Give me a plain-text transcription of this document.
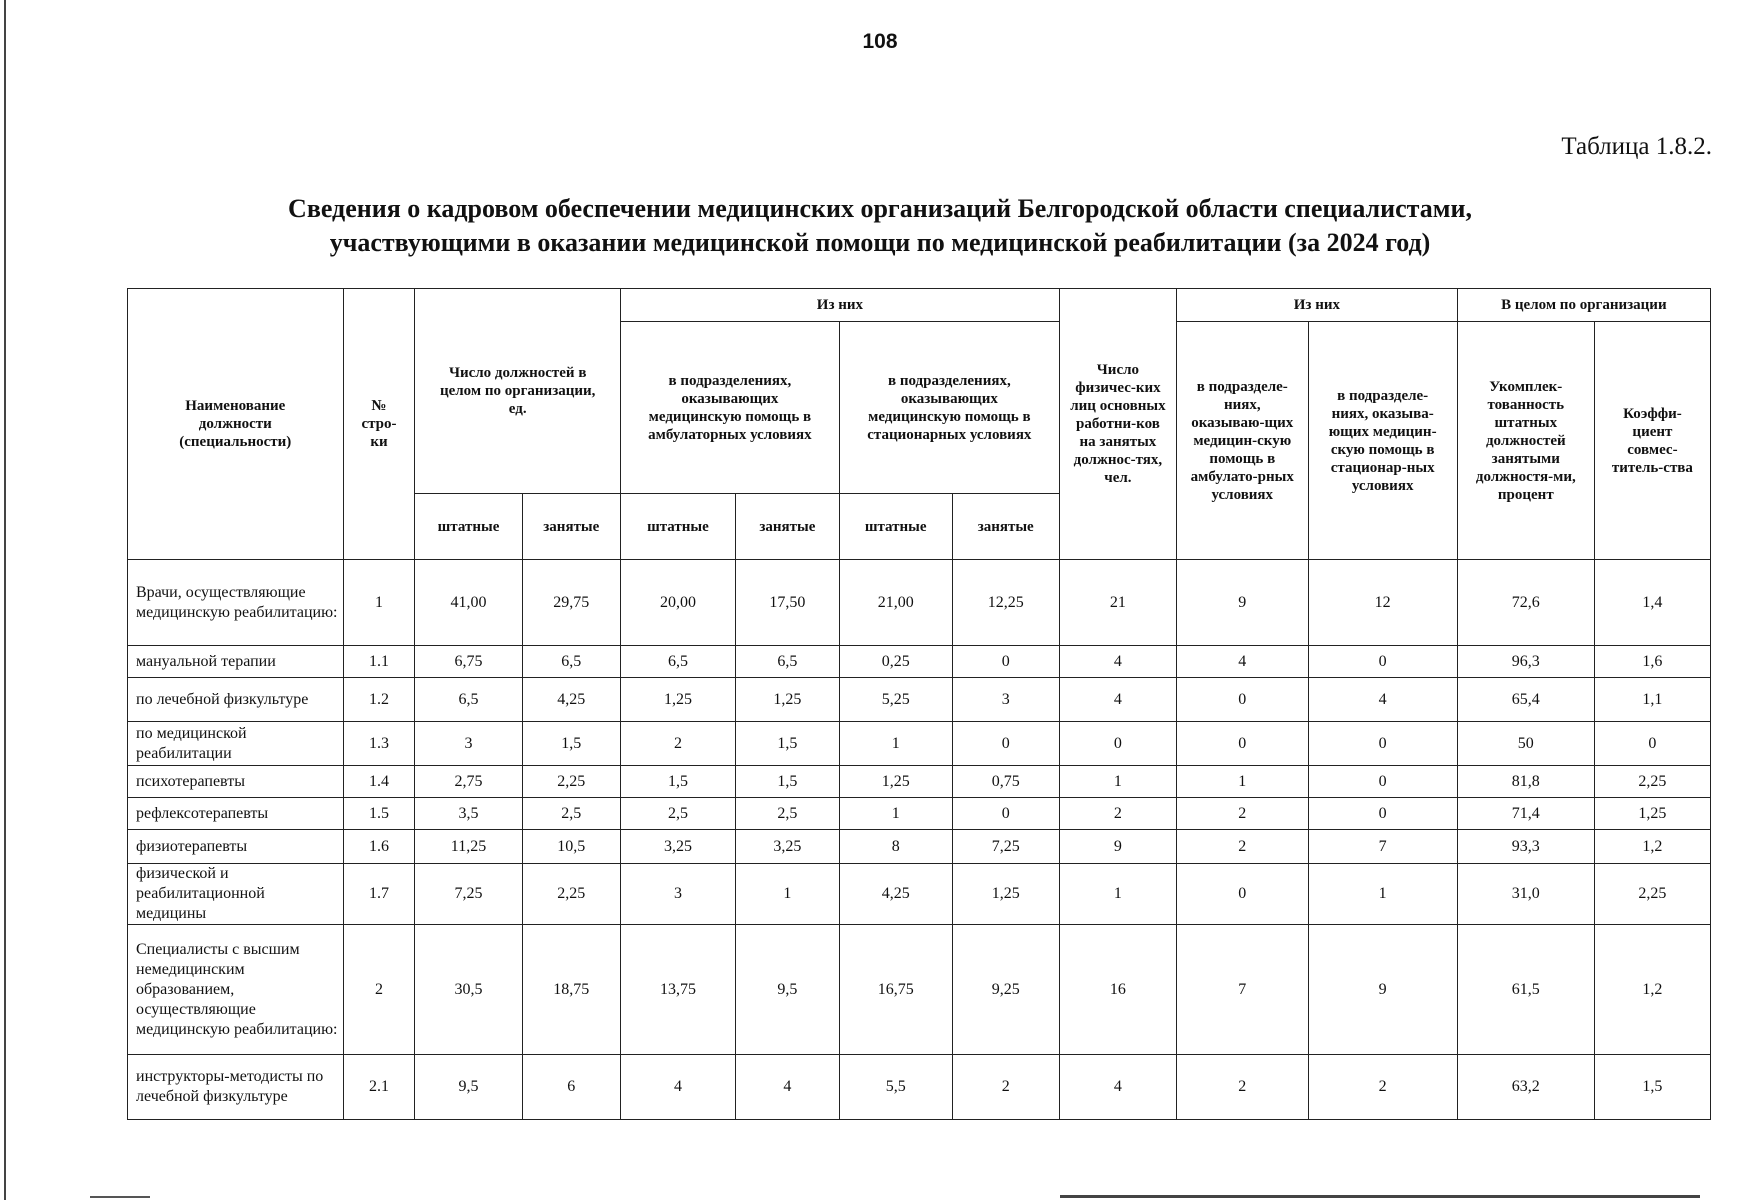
108
Таблица 1.8.2.
Сведения о кадровом обеспечении медицинских организаций Белгородской области специалистами,
участвующими в оказании медицинской помощи по медицинской реабилитации (за 2024 год)
Наименование должности (специальности)	№ стро-ки	Число должностей в целом по организации, ед.		Из них				Число физичес-ких лиц основных работни-ков на занятых должнос-тях, чел.	Из них		В целом по организации	
				в подразделениях, оказывающих медицинскую помощь в амбулаторных условиях		в подразделениях, оказывающих медицинскую помощь в стационарных условиях			в подразделе-ниях, оказываю-щих медицин-скую помощь в амбулато-рных условиях	в подразделе-ниях, оказыва-ющих медицин-скую помощь в стационар-ных условиях	Укомплек-тованность штатных должностей занятыми должностя-ми, процент	Коэффи-циент совмес-титель-ства
		штатные	занятые	штатные	занятые	штатные	занятые					
Врачи, осуществляющие медицинскую реабилитацию:	1	41,00	29,75	20,00	17,50	21,00	12,25	21	9	12	72,6	1,4
мануальной терапии	1.1	6,75	6,5	6,5	6,5	0,25	0	4	4	0	96,3	1,6
по лечебной физкультуре	1.2	6,5	4,25	1,25	1,25	5,25	3	4	0	4	65,4	1,1
по медицинской реабилитации	1.3	3	1,5	2	1,5	1	0	0	0	0	50	0
психотерапевты	1.4	2,75	2,25	1,5	1,5	1,25	0,75	1	1	0	81,8	2,25
рефлексотерапевты	1.5	3,5	2,5	2,5	2,5	1	0	2	2	0	71,4	1,25
физиотерапевты	1.6	11,25	10,5	3,25	3,25	8	7,25	9	2	7	93,3	1,2
физической и реабилитационной медицины	1.7	7,25	2,25	3	1	4,25	1,25	1	0	1	31,0	2,25
Специалисты с высшим немедицинским образованием, осуществляющие медицинскую реабилитацию:	2	30,5	18,75	13,75	9,5	16,75	9,25	16	7	9	61,5	1,2
инструкторы-методисты по лечебной физкультуре	2.1	9,5	6	4	4	5,5	2	4	2	2	63,2	1,5
